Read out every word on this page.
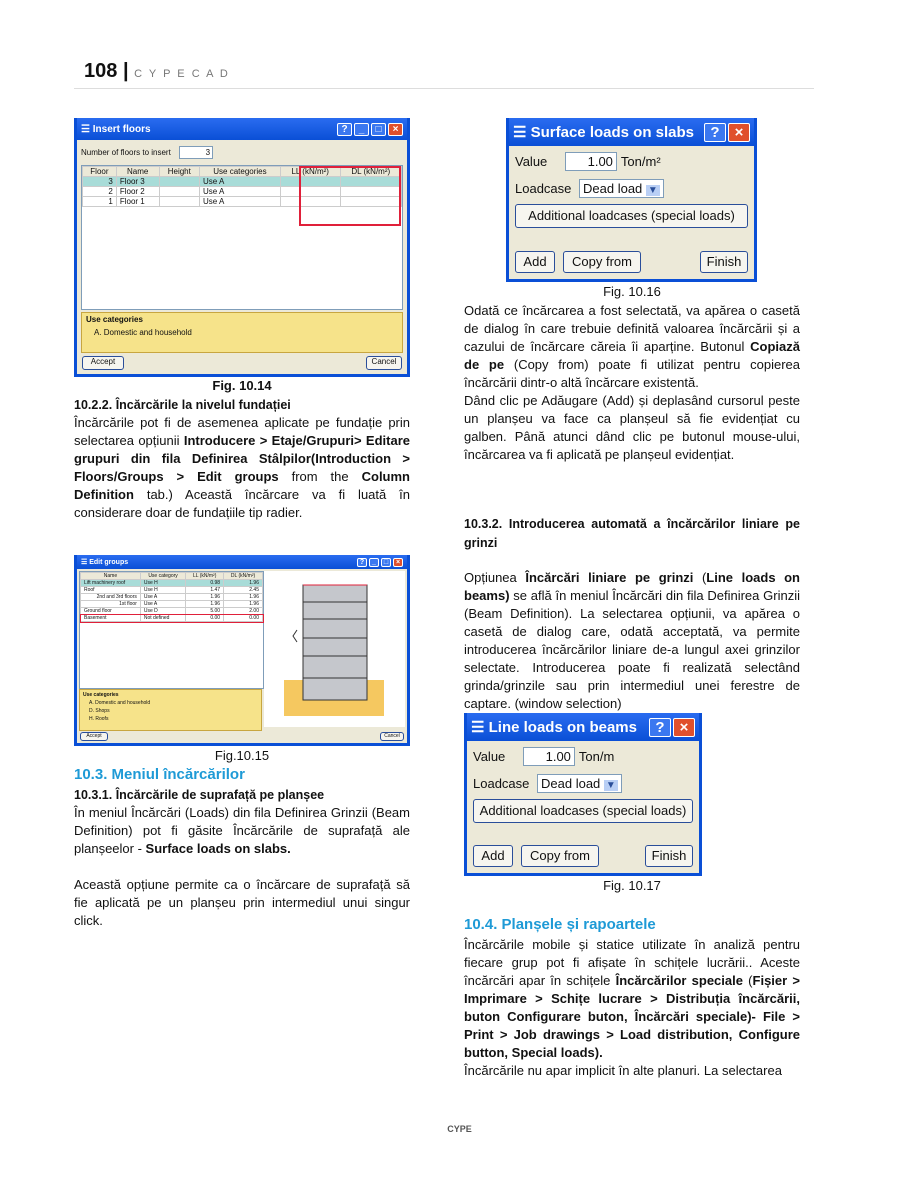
108 | C Y P E C A D
☰ Insert floors	?	_	□	×
Number of floors to insert	3
Floor	Name	Height	Use categories	LL (kN/m²)	DL (kN/m²)
3	Floor 3		Use A		
2	Floor 2		Use A		
1	Floor 1		Use A		
Use categories
A. Domestic and household
Accept	Cancel
Fig. 10.14
10.2.2. Încărcările la nivelul fundației

Încărcările pot fi de asemenea aplicate pe fundație prin selectarea opțiunii Introducere > Etaje/Grupuri> Editare grupuri din fila Definirea Stâlpilor(Introduction > Floors/Groups > Edit groups from the Column Definition tab.) Această încărcare va fi luată în considerare doar de fundațiile tip radier.

☰ Edit groups	?	_	□	×
Name	Use category	LL (kN/m²)	DL (kN/m²)
Lift machinery roof	Use H	0.98	1.96
Roof	Use H	1.47	2.45
2nd and 3rd floors	Use A	1.96	1.96
1st floor	Use A	1.96	1.96
Ground floor	Use D	5.00	2.00
Basement	Not defined	0.00	0.00
Use categories
A. Domestic and household
D. Shops
H. Roofs
Accept	Cancel
Fig.10.15
10.3. Meniul încărcărilor
10.3.1. Încărcările de suprafață pe planșee

În meniul Încărcări (Loads) din fila Definirea Grinzii (Beam Definition) pot fi găsite Încărcările de suprafață ale planșeelor - Surface loads on slabs.

Această opțiune permite ca o încărcare de suprafață să fie aplicată pe un planșeu prin intermediul unui singur click.

☰ Surface loads on slabs	?	×
Value	1.00 Ton/m²
Loadcase Dead load ▼
Additional loadcases (special loads)
Add	Copy from	Finish
Fig. 10.16

Odată ce încărcarea a fost selectată, va apărea o casetă de dialog în care trebuie definită valoarea încărcării și a cazului de încărcare căreia îi aparține. Butonul Copiază de pe (Copy from) poate fi utilizat pentru copierea încărcării dintr-o altă încărcare existentă.

Dând clic pe Adăugare (Add) și deplasând cursorul peste un planșeu va face ca planșeul să fie evidențiat cu galben. Până atunci dând clic pe butonul mouse-ului, încărcarea va fi aplicată pe planșeul evidențiat.

10.3.2. Introducerea automată a încărcărilor liniare pe grinzi

Opțiunea Încărcări liniare pe grinzi (Line loads on beams) se află în meniul Încărcări din fila Definirea Grinzii (Beam Definition). La selectarea opțiunii, va apărea o casetă de dialog care, odată acceptată, va permite introducerea încărcărilor liniare de-a lungul axei grinzilor selectate. Introducerea poate fi realizată selectând grinda/grinzile sau prin intermediul unei ferestre de captare. (window selection)

☰ Line loads on beams	?	×
Value	1.00 Ton/m
Loadcase Dead load ▼
Additional loadcases (special loads)
Add	Copy from	Finish
Fig. 10.17
10.4. Planșele și rapoartele

Încărcările mobile și statice utilizate în analiză pentru fiecare grup pot fi afișate în schițele lucrării.. Aceste încărcări apar în schițele Încărcărilor speciale (Fișier > Imprimare > Schițe lucrare > Distribuția încărcării, buton Configurare buton, Încărcări speciale)- File > Print > Job drawings > Load distribution, Configure button, Special loads).

Încărcările nu apar implicit în alte planuri. La selectarea

CYPE
